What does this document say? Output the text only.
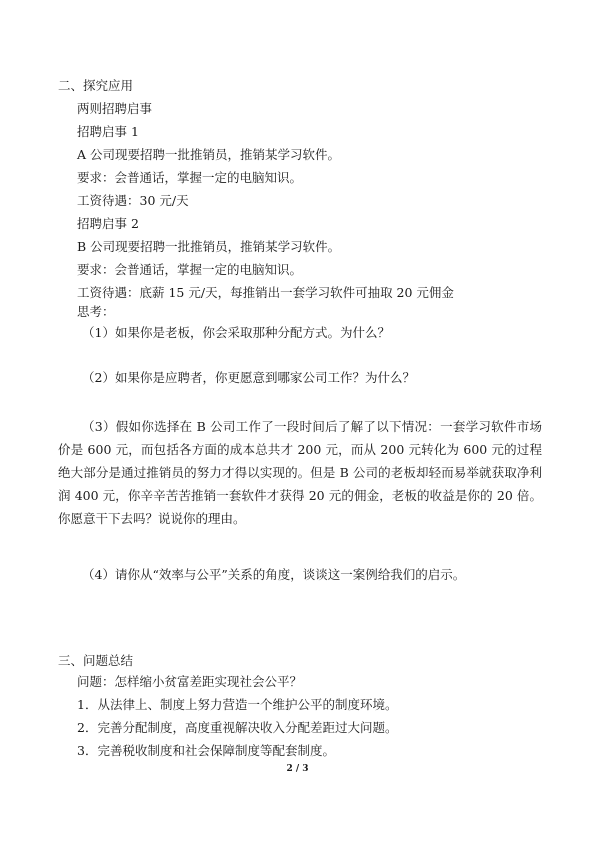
二、探究应用

两则招聘启事

招聘启事 1

A 公司现要招聘一批推销员，推销某学习软件。

要求：会普通话，掌握一定的电脑知识。

工资待遇：30 元/天

招聘启事 2

B 公司现要招聘一批推销员，推销某学习软件。

要求：会普通话，掌握一定的电脑知识。

工资待遇：底薪 15 元/天，每推销出一套学习软件可抽取 20 元佣金

思考：

（1）如果你是老板，你会采取那种分配方式。为什么？

（2）如果你是应聘者，你更愿意到哪家公司工作？为什么？

（3）假如你选择在 B 公司工作了一段时间后了解了以下情况：一套学习软件市场价是 600 元，而包括各方面的成本总共才 200 元，而从 200 元转化为 600 元的过程绝大部分是通过推销员的努力才得以实现的。但是 B 公司的老板却轻而易举就获取净利润 400 元，你辛辛苦苦推销一套软件才获得 20 元的佣金，老板的收益是你的 20 倍。你愿意干下去吗？说说你的理由。

（4）请你从“效率与公平”关系的角度，谈谈这一案例给我们的启示。

三、问题总结

问题：怎样缩小贫富差距实现社会公平？

1．从法律上、制度上努力营造一个维护公平的制度环境。

2．完善分配制度，高度重视解决收入分配差距过大问题。

3．完善税收制度和社会保障制度等配套制度。

2 / 3
